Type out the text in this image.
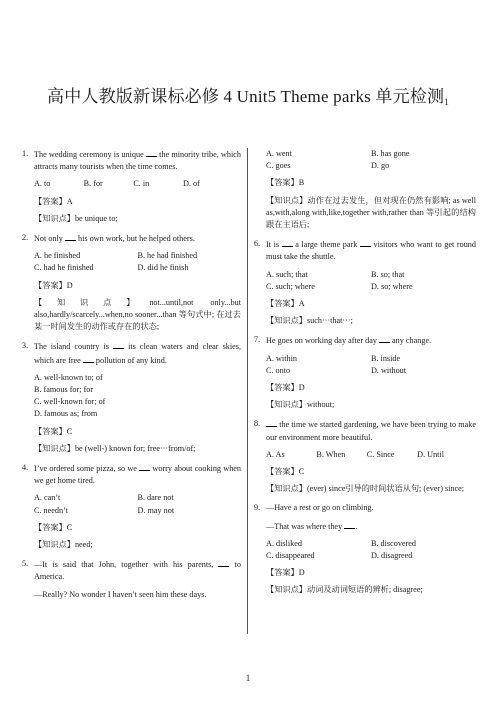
高中人教版新课标必修 4 Unit5 Theme parks 单元检测$_1$
1. The wedding ceremony is unique the minority tribe, which attracts many tourists when the time comes.
A. to	B. for	C. in	D. of
【答案】A
【知识点】be unique to;
2. Not only his own work, but he helped others.
A. he finished	B. he had finished
C. had he finished	D. did he finish
【答案】D
【知识点】not...until,not only...but also,hardly/scarcely...when,no sooner...than 等句式中; 在过去某一时间发生的动作或存在的状态;
3. The island country is its clean waters and clear skies, which are free pollution of any kind.
A. well-known to; of
B. famous for; for
C. well-known for; of
D. famous as; from
【答案】C
【知识点】be (well-) known for; free···from/of;
4. I’ve ordered some pizza, so we worry about cooking when we get home tired.
A. can’t	B. dare not
C. needn’t	D. may not
【答案】C
【知识点】need;
5. —It is said that John, together with his parents,	to America.
—Really? No wonder I haven’t seen him these days.
A. went	B. has gone
C. goes	D. go
【答案】B
【知识点】动作在过去发生，但对现在仍然有影响; as well as,with,along with,like,together with,rather than 等引起的结构跟在主语后;
6. It is a large theme park visitors who want to get round must take the shuttle.
A. such; that	B. so; that
C. such; where	D. so; where
【答案】A
【知识点】such···that···;
7. He goes on working day after day any change.
A. within	B. inside
C. onto	D. without
【答案】D
【知识点】without;
8.	the time we started gardening, we have been trying to make our environment more beautiful.
A. As	B. When	C. Since	D. Until
【答案】C
【知识点】(ever) since引导的时间状语从句; (ever) since;
9. —Have a rest or go on climbing.
—That was where they .
A. disliked	B. discovered
C. disappeared	D. disagreed
【答案】D
【知识点】动词及动词短语的辨析; disagree;
1
